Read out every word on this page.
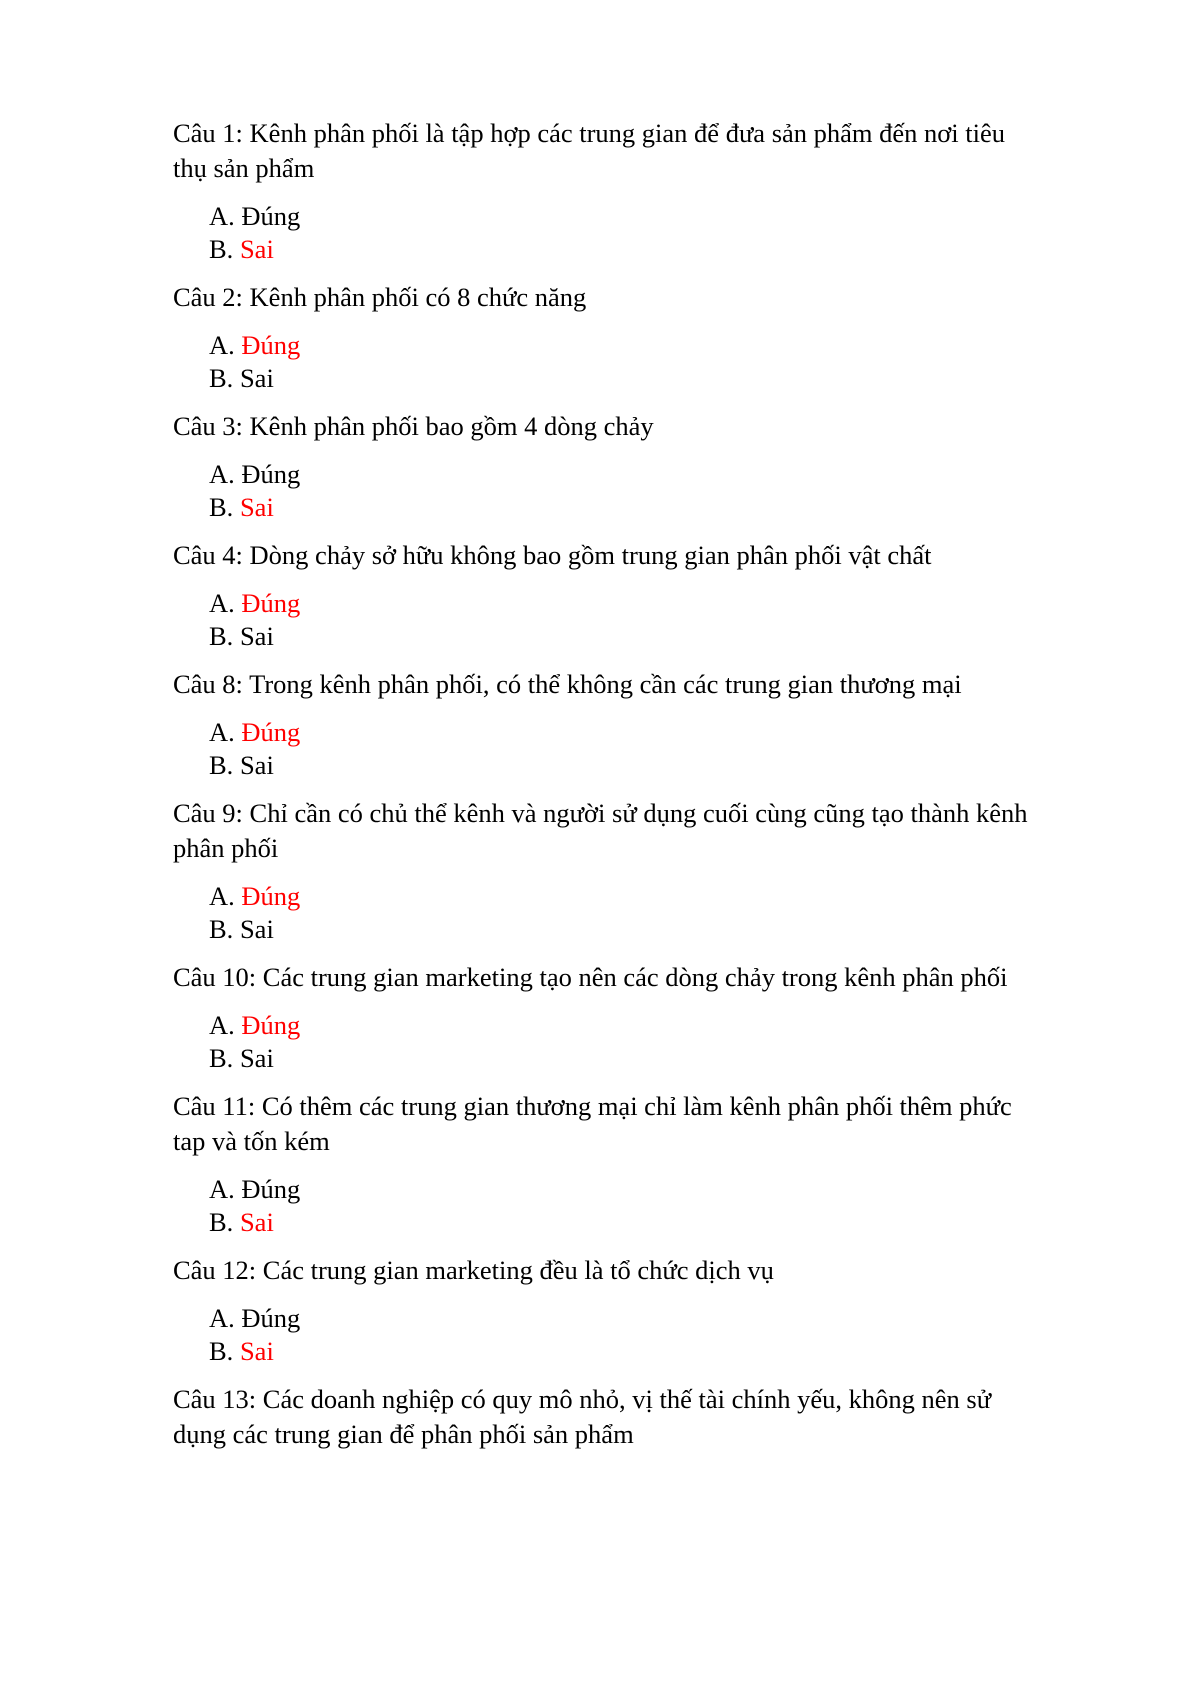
Câu 1: Kênh phân phối là tập hợp các trung gian để đưa sản phẩm đến nơi tiêu thụ sản phẩm

A. Đúng
B. Sai

Câu 2: Kênh phân phối có 8 chức năng

A. Đúng
B. Sai

Câu 3: Kênh phân phối bao gồm 4 dòng chảy

A. Đúng
B. Sai

Câu 4: Dòng chảy sở hữu không bao gồm trung gian phân phối vật chất

A. Đúng
B. Sai

Câu 8: Trong kênh phân phối, có thể không cần các trung gian thương mại

A. Đúng
B. Sai

Câu 9: Chỉ cần có chủ thể kênh và người sử dụng cuối cùng cũng tạo thành kênh phân phối

A. Đúng
B. Sai

Câu 10: Các trung gian marketing tạo nên các dòng chảy trong kênh phân phối

A. Đúng
B. Sai

Câu 11: Có thêm các trung gian thương mại chỉ làm kênh phân phối thêm phức tap và tốn kém

A. Đúng
B. Sai

Câu 12: Các trung gian marketing đều là tổ chức dịch vụ

A. Đúng
B. Sai

Câu 13: Các doanh nghiệp có quy mô nhỏ, vị thế tài chính yếu, không nên sử dụng các trung gian để phân phối sản phẩm
